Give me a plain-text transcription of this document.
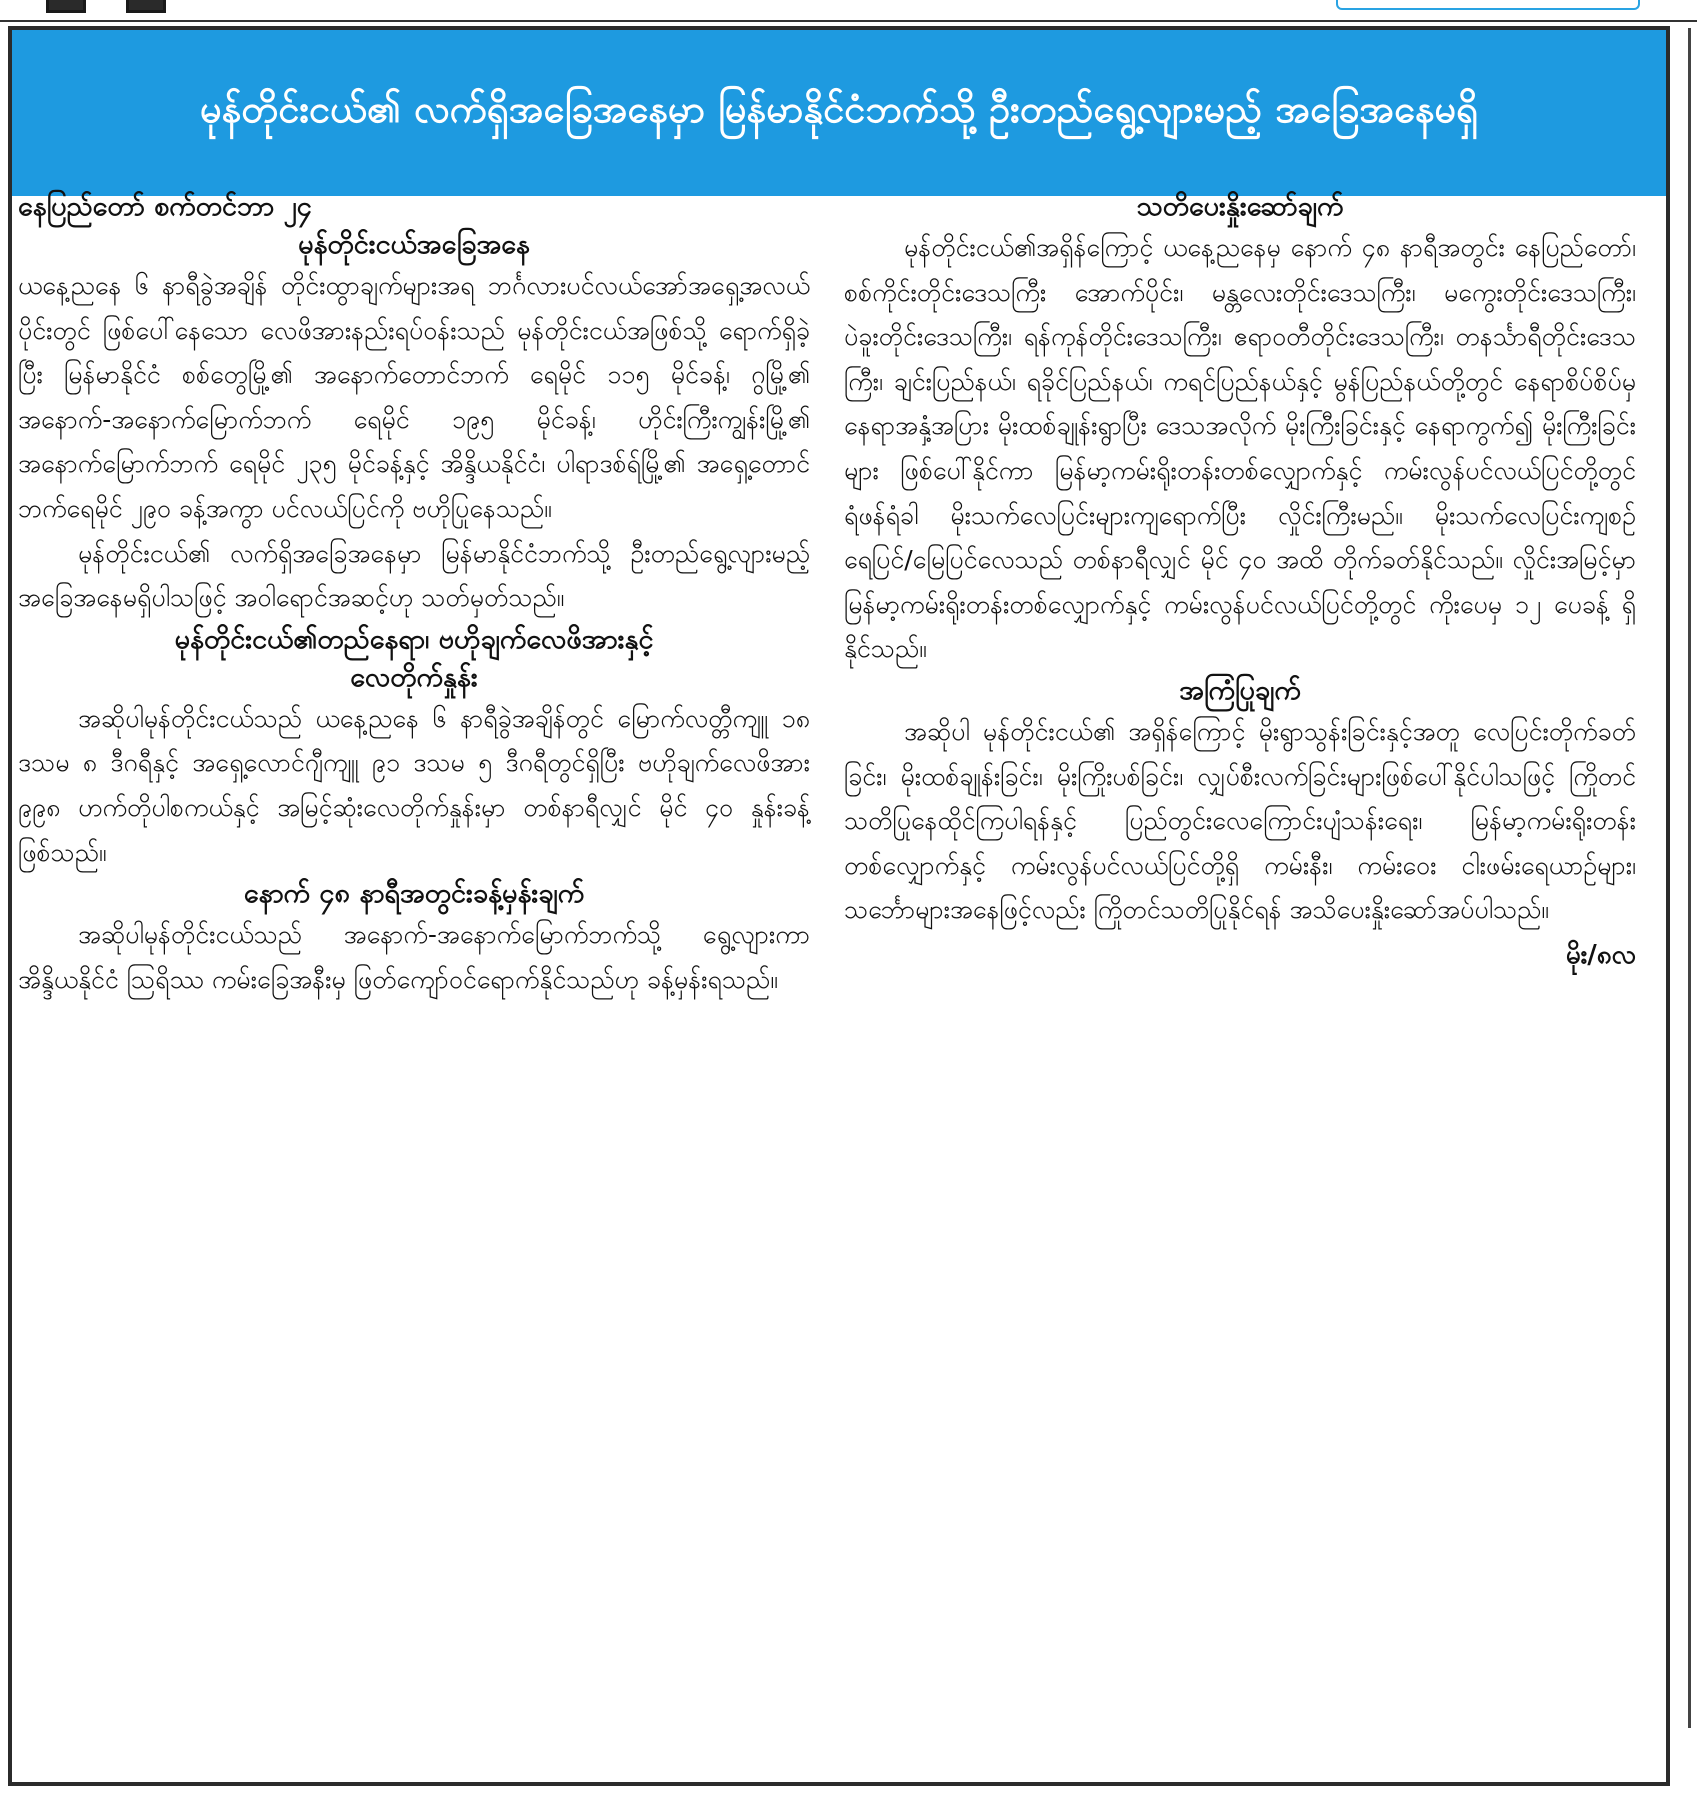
မုန်တိုင်းငယ်၏ လက်ရှိအခြေအနေမှာ မြန်မာနိုင်ငံဘက်သို့ ဦးတည်ရွေ့လျားမည့် အခြေအနေမရှိ
နေပြည်တော် စက်တင်ဘာ ၂၄
မုန်တိုင်းငယ်အခြေအနေ

ယနေ့ညနေ ၆ နာရီခွဲအချိန် တိုင်းထွာချက်များအရ ဘင်္ဂလားပင်လယ်အော်အရှေ့အလယ်ပိုင်းတွင် ဖြစ်ပေါ်နေသော လေဖိအားနည်းရပ်ဝန်းသည် မုန်တိုင်းငယ်အဖြစ်သို့ ရောက်ရှိခဲ့ပြီး မြန်မာနိုင်ငံ စစ်တွေမြို့၏ အနောက်တောင်ဘက် ရေမိုင် ၁၁၅ မိုင်ခန့်၊ ဂွမြို့၏ အနောက်-အနောက်မြောက်ဘက် ရေမိုင် ၁၉၅ မိုင်ခန့်၊ ဟိုင်းကြီးကျွန်းမြို့၏ အနောက်မြောက်ဘက် ရေမိုင် ၂၃၅ မိုင်ခန့်နှင့် အိန္ဒိယနိုင်ငံ၊ ပါရာဒစ်ရ်မြို့၏ အရှေ့တောင်ဘက်ရေမိုင် ၂၉၀ ခန့်အကွာ ပင်လယ်ပြင်ကို ဗဟိုပြုနေသည်။

မုန်တိုင်းငယ်၏ လက်ရှိအခြေအနေမှာ မြန်မာနိုင်ငံဘက်သို့ ဦးတည်ရွေ့လျားမည့် အခြေအနေမရှိပါသဖြင့် အဝါရောင်အဆင့်ဟု သတ်မှတ်သည်။

မုန်တိုင်းငယ်၏တည်နေရာ၊ ဗဟိုချက်လေဖိအားနှင့်
လေတိုက်နှုန်း

အဆိုပါမုန်တိုင်းငယ်သည် ယနေ့ညနေ ၆ နာရီခွဲအချိန်တွင် မြောက်လတ္တီကျူ ၁၈ ဒသမ ၈ ဒီဂရီနှင့် အရှေ့လောင်ဂျီကျူ ၉၁ ဒသမ ၅ ဒီဂရီတွင်ရှိပြီး ဗဟိုချက်လေဖိအား ၉၉၈ ဟက်တိုပါစကယ်နှင့် အမြင့်ဆုံးလေတိုက်နှုန်းမှာ တစ်နာရီလျှင် မိုင် ၄၀ နှုန်းခန့် ဖြစ်သည်။

နောက် ၄၈ နာရီအတွင်းခန့်မှန်းချက်

အဆိုပါမုန်တိုင်းငယ်သည် အနောက်-အနောက်မြောက်ဘက်သို့ ရွေ့လျားကာ အိန္ဒိယနိုင်ငံ ဩရိဿ ကမ်းခြေအနီးမှ ဖြတ်ကျော်ဝင်ရောက်နိုင်သည်ဟု ခန့်မှန်းရသည်။

သတိပေးနှိုးဆော်ချက်

မုန်တိုင်းငယ်၏အရှိန်ကြောင့် ယနေ့ညနေမှ နောက် ၄၈ နာရီအတွင်း နေပြည်တော်၊ စစ်ကိုင်းတိုင်းဒေသကြီး အောက်ပိုင်း၊ မန္တလေးတိုင်းဒေသကြီး၊ မကွေးတိုင်းဒေသကြီး၊ ပဲခူးတိုင်းဒေသကြီး၊ ရန်ကုန်တိုင်းဒေသကြီး၊ ဧရာဝတီတိုင်းဒေသကြီး၊ တနင်္သာရီတိုင်းဒေသကြီး၊ ချင်းပြည်နယ်၊ ရခိုင်ပြည်နယ်၊ ကရင်ပြည်နယ်နှင့် မွန်ပြည်နယ်တို့တွင် နေရာစိပ်စိပ်မှ နေရာအနှံ့အပြား မိုးထစ်ချုန်းရွာပြီး ဒေသအလိုက် မိုးကြီးခြင်းနှင့် နေရာကွက်၍ မိုးကြီးခြင်းများ ဖြစ်ပေါ်နိုင်ကာ မြန်မာ့ကမ်းရိုးတန်းတစ်လျှောက်နှင့် ကမ်းလွန်ပင်လယ်ပြင်တို့တွင် ရံဖန်ရံခါ မိုးသက်လေပြင်းများကျရောက်ပြီး လှိုင်းကြီးမည်။ မိုးသက်လေပြင်းကျစဉ် ရေပြင်/မြေပြင်လေသည် တစ်နာရီလျှင် မိုင် ၄၀ အထိ တိုက်ခတ်နိုင်သည်။ လှိုင်းအမြင့်မှာ မြန်မာ့ကမ်းရိုးတန်းတစ်လျှောက်နှင့် ကမ်းလွန်ပင်လယ်ပြင်တို့တွင် ကိုးပေမှ ၁၂ ပေခန့် ရှိနိုင်သည်။

အကြံပြုချက်

အဆိုပါ မုန်တိုင်းငယ်၏ အရှိန်ကြောင့် မိုးရွာသွန်းခြင်းနှင့်အတူ လေပြင်းတိုက်ခတ်ခြင်း၊ မိုးထစ်ချုန်းခြင်း၊ မိုးကြိုးပစ်ခြင်း၊ လျှပ်စီးလက်ခြင်းများဖြစ်ပေါ်နိုင်ပါသဖြင့် ကြိုတင်သတိပြုနေထိုင်ကြပါရန်နှင့် ပြည်တွင်းလေကြောင်းပျံသန်းရေး၊ မြန်မာ့ကမ်းရိုးတန်းတစ်လျှောက်နှင့် ကမ်းလွန်ပင်လယ်ပြင်တို့ရှိ ကမ်းနီး၊ ကမ်းဝေး ငါးဖမ်းရေယာဉ်များ၊ သင်္ဘောများအနေဖြင့်လည်း ကြိုတင်သတိပြုနိုင်ရန် အသိပေးနှိုးဆော်အပ်ပါသည်။

မိုး/၈လ
